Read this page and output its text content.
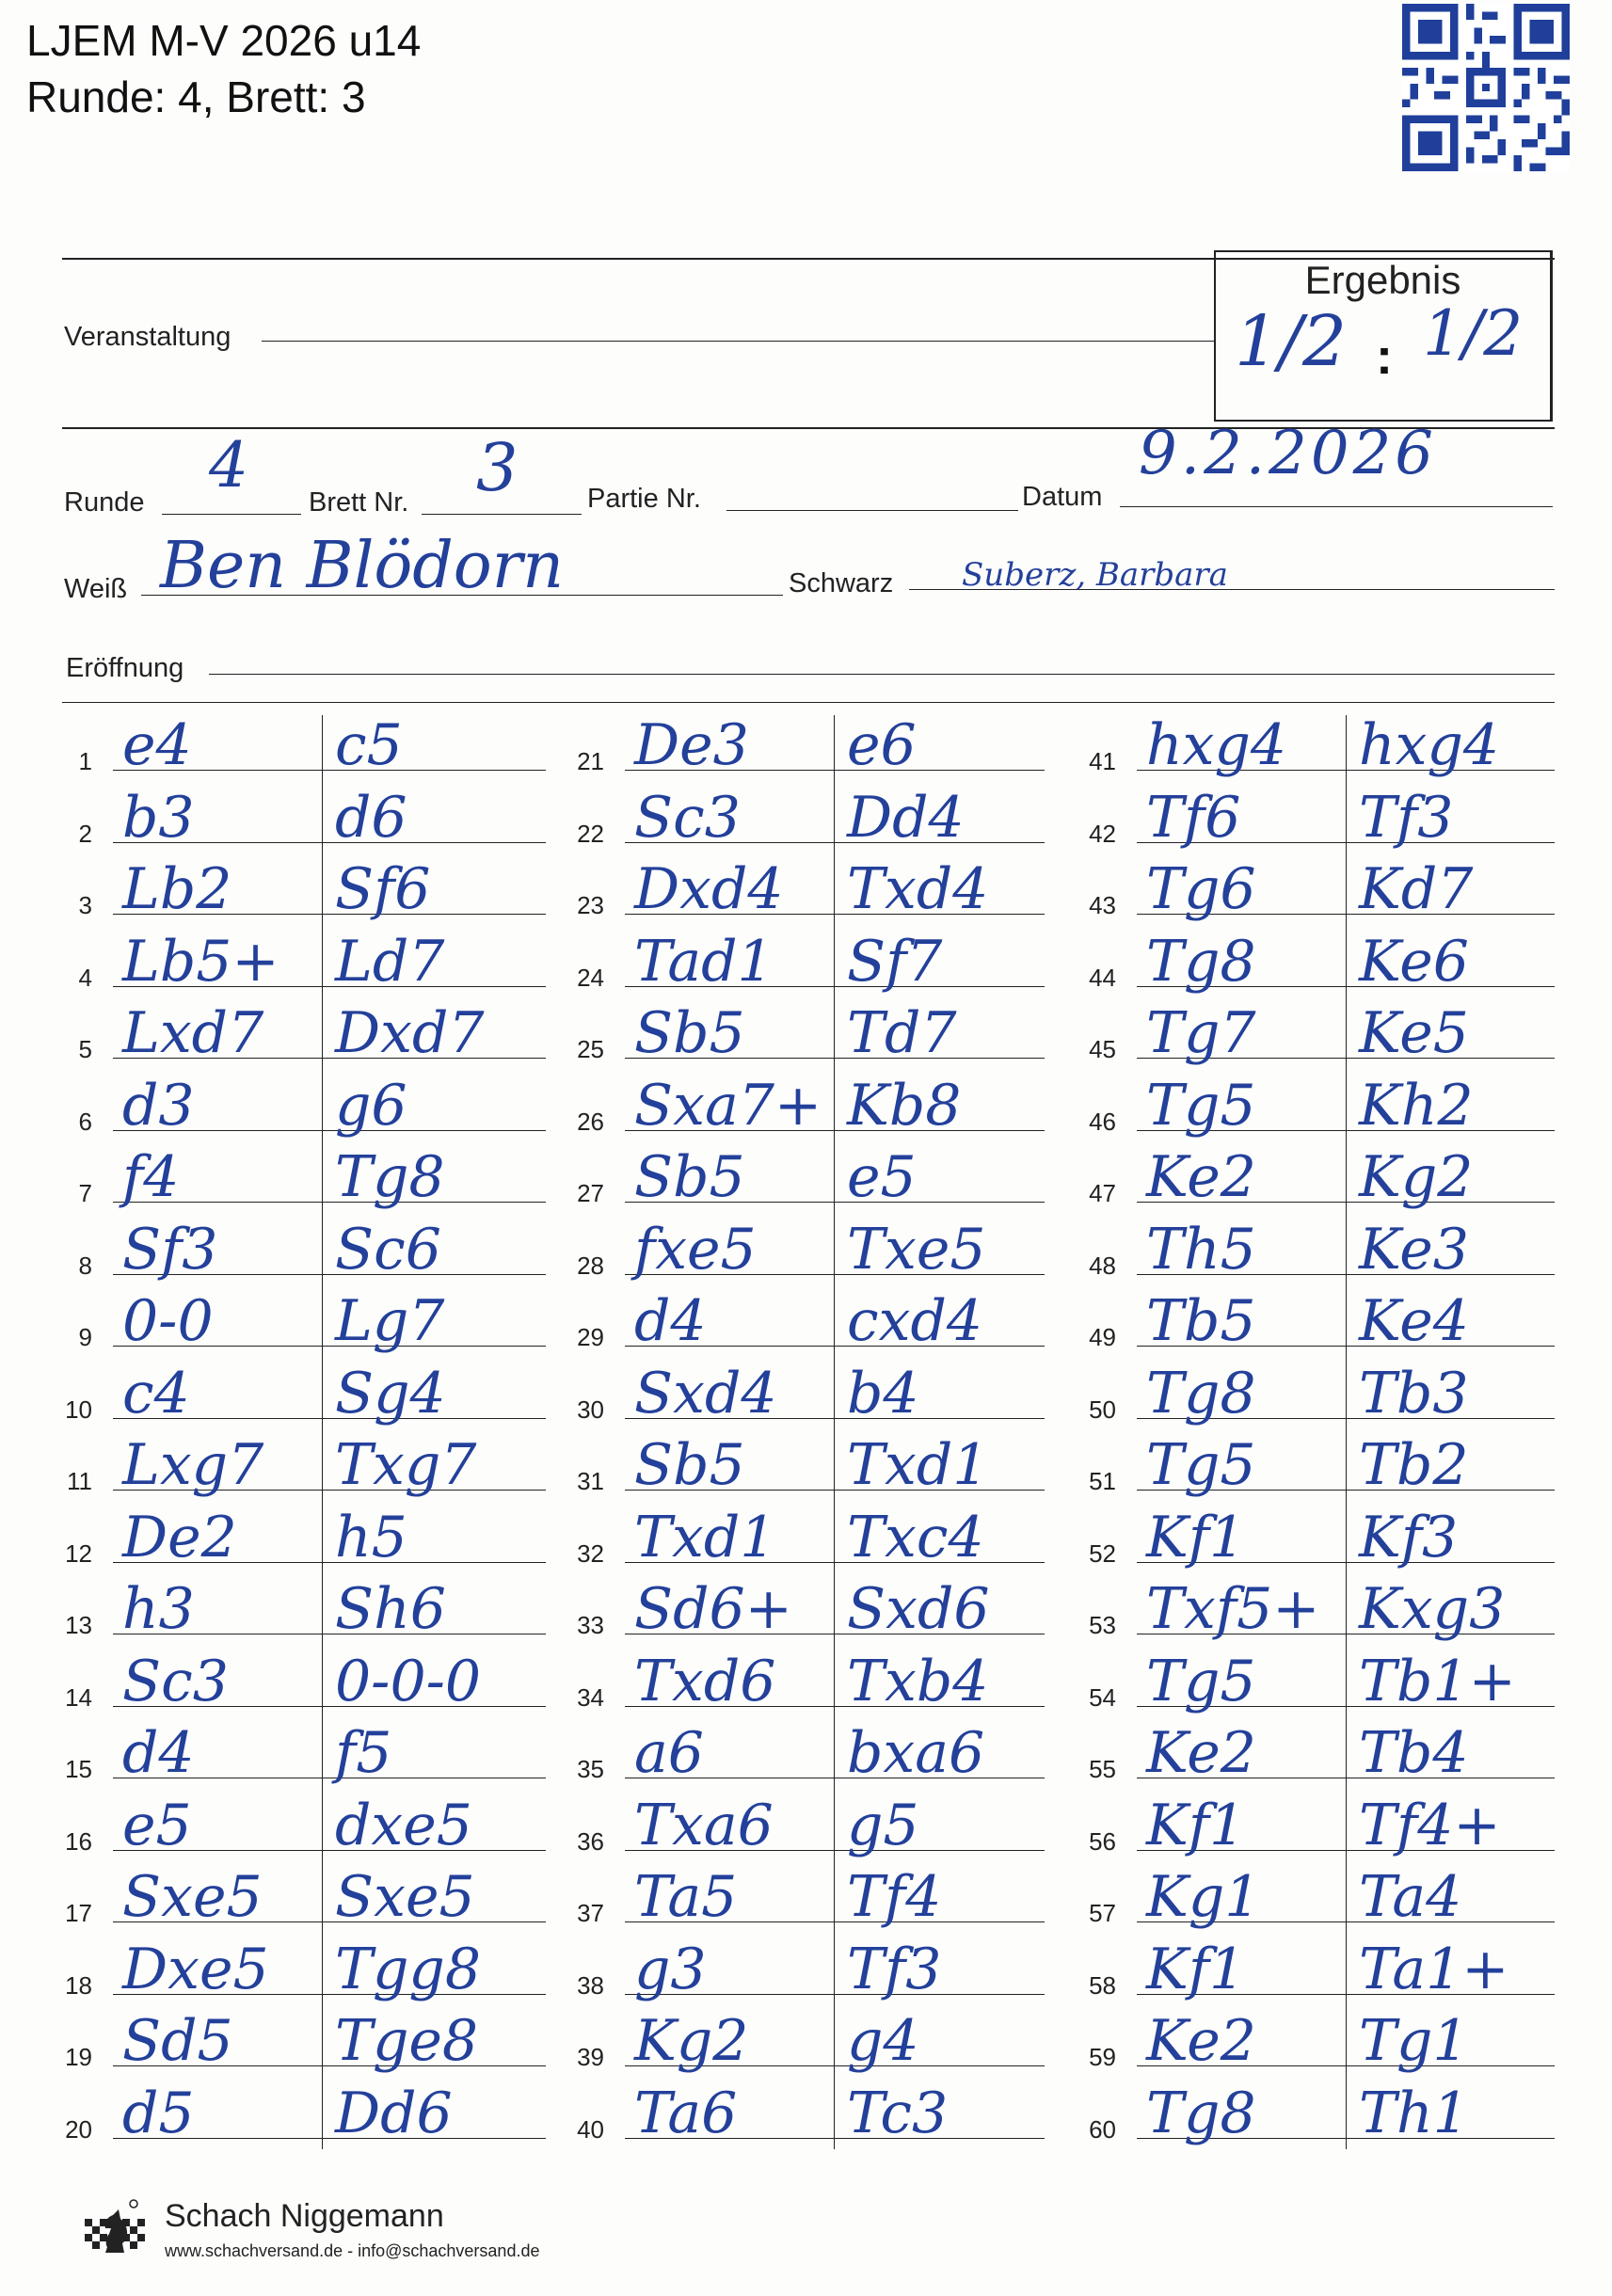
LJEM M-V 2026 u14
Runde: 4, Brett: 3
Veranstaltung
Ergebnis
1/2 : 1/2
Runde
4
Brett Nr. 3	Partie Nr.	Datum
9.2.2026
Weiß Ben Blödorn	Schwarz Suberz, Barbara
Eröffnung
1 e4	c5
2 b3 d6
3 Lb2 Sf6
4 Lb5+ Ld7
5 Lxd7 Dxd7
6 d3 g6
7 f4	Tg8
8 Sf3 Sc6
9 0-0 Lg7
10 c4	Sg4
11 Lxg7 Txg7
12 De2 h5
13 h3 Sh6
14 Sc3 0-0-0
15 d4 f5
16 e5	dxe5
17 Sxe5 Sxe5
18 Dxe5 Tgg8
19 Sd5 Tge8
20 d5 Dd6
21 De3 e6
22 Sc3 Dd4
23 Dxd4 Txd4
24 Tad1 Sf7
25 Sb5 Td7
26 Sxa7+ Kb8
27 Sb5 e5
28 fxe5 Txe5
29 d4 cxd4
30 Sxd4 b4
31 Sb5 Txd1
32 Txd1 Txc4
33 Sd6+ Sxd6
34 Txd6 Txb4
35 a6	bxa6
36 Txa6 g5
37 Ta5 Tf4
38 g3 Tf3
39 Kg2 g4
40 Ta6 Tc3
41 hxg4 hxg4
42 Tf6 Tf3
43 Tg6 Kd7
44 Tg8 Ke6
45 Tg7 Ke5
46 Tg5 Kh2
47 Ke2 Kg2
48 Th5 Ke3
49 Tb5 Ke4
50 Tg8 Tb3
51 Tg5 Tb2
52 Kf1 Kf3
53 Txf5+ Kxg3
54 Tg5 Tb1+
55 Ke2 Tb4
56 Kf1 Tf4+
57 Kg1 Ta4
58 Kf1 Ta1+
59 Ke2 Tg1
60 Tg8 Th1
Schach Niggemann
www.schachversand.de - info@schachversand.de
